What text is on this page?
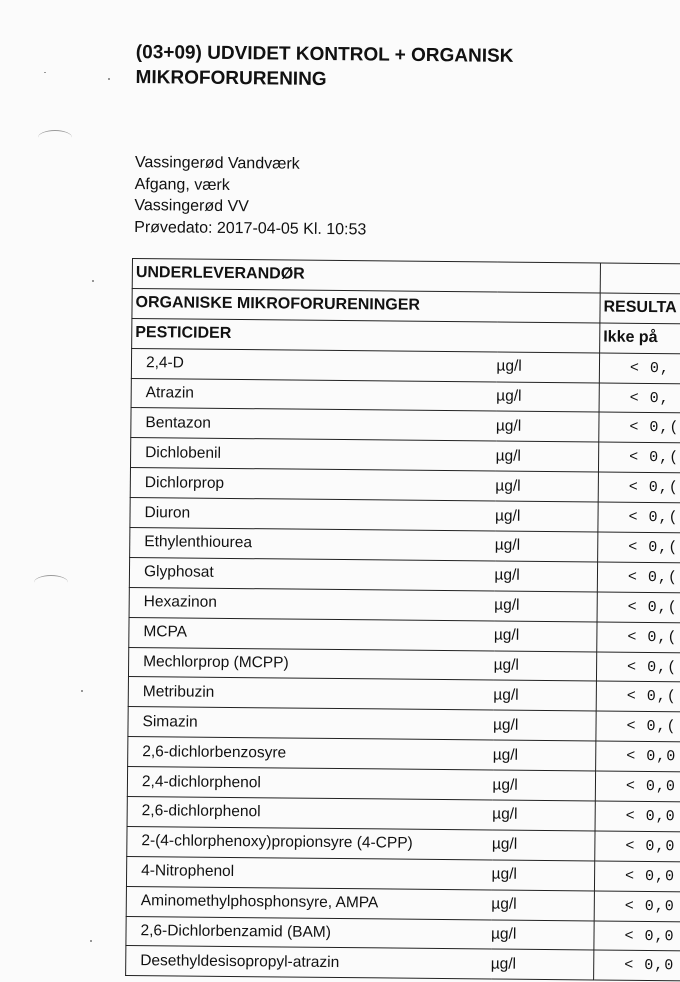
(03+09) UDVIDET KONTROL + ORGANISK
MIKROFORURENING
Vassingerød Vandværk
Afgang, værk
Vassingerød VV
Prøvedato: 2017-04-05 Kl. 10:53
UNDERLEVERANDØR		
ORGANISKE MIKROFORURENINGER		RESULTA
PESTICIDER		Ikke på
2,4-D	µg/l	< 0,
Atrazin	µg/l	< 0,
Bentazon	µg/l	< 0,(
Dichlobenil	µg/l	< 0,(
Dichlorprop	µg/l	< 0,(
Diuron	µg/l	< 0,(
Ethylenthiourea	µg/l	< 0,(
Glyphosat	µg/l	< 0,(
Hexazinon	µg/l	< 0,(
MCPA	µg/l	< 0,(
Mechlorprop (MCPP)	µg/l	< 0,(
Metribuzin	µg/l	< 0,(
Simazin	µg/l	< 0,(
2,6-dichlorbenzosyre	µg/l	< 0,0
2,4-dichlorphenol	µg/l	< 0,0
2,6-dichlorphenol	µg/l	< 0,0
2-(4-chlorphenoxy)propionsyre (4-CPP)	µg/l	< 0,0
4-Nitrophenol	µg/l	< 0,0
Aminomethylphosphonsyre, AMPA	µg/l	< 0,0
2,6-Dichlorbenzamid (BAM)	µg/l	< 0,0
Desethyldesisopropyl-atrazin	µg/l	< 0,0
